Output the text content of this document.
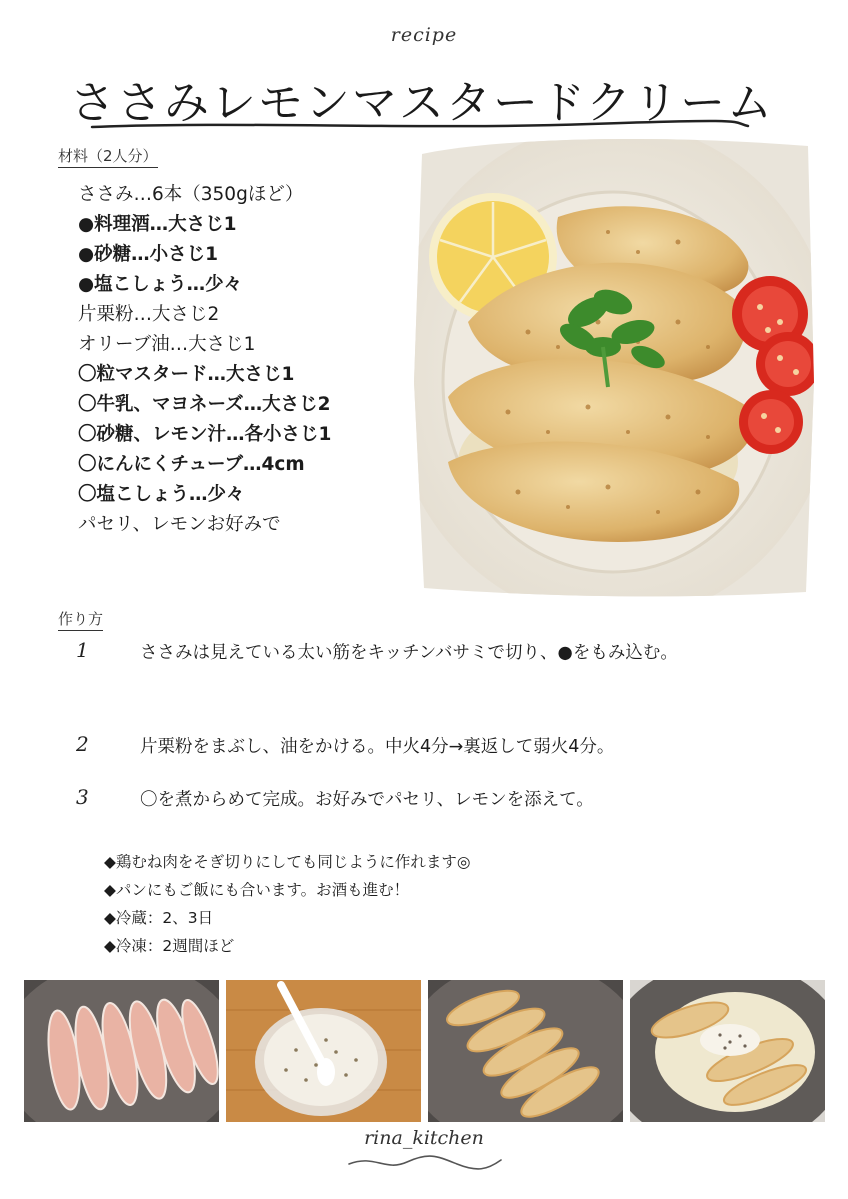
recipe
ささみレモンマスタードクリーム
材料（2人分）
ささみ…6本（350gほど）
●料理酒…大さじ1
●砂糖…小さじ1
●塩こしょう…少々
片栗粉…大さじ2
オリーブ油…大さじ1
〇粒マスタード…大さじ1
〇牛乳、マヨネーズ…大さじ2
〇砂糖、レモン汁…各小さじ1
〇にんにくチューブ…4cm
〇塩こしょう…少々
パセリ、レモンお好みで
作り方
1	ささみは見えている太い筋をキッチンバサミで切り、●をもみ込む。
2	片栗粉をまぶし、油をかける。中火4分→裏返して弱火4分。
3	〇を煮からめて完成。お好みでパセリ、レモンを添えて。
◆鶏むね肉をそぎ切りにしても同じように作れます◎
◆パンにもご飯にも合います。お酒も進む！
◆冷蔵：2、3日
◆冷凍：2週間ほど
rina_kitchen
